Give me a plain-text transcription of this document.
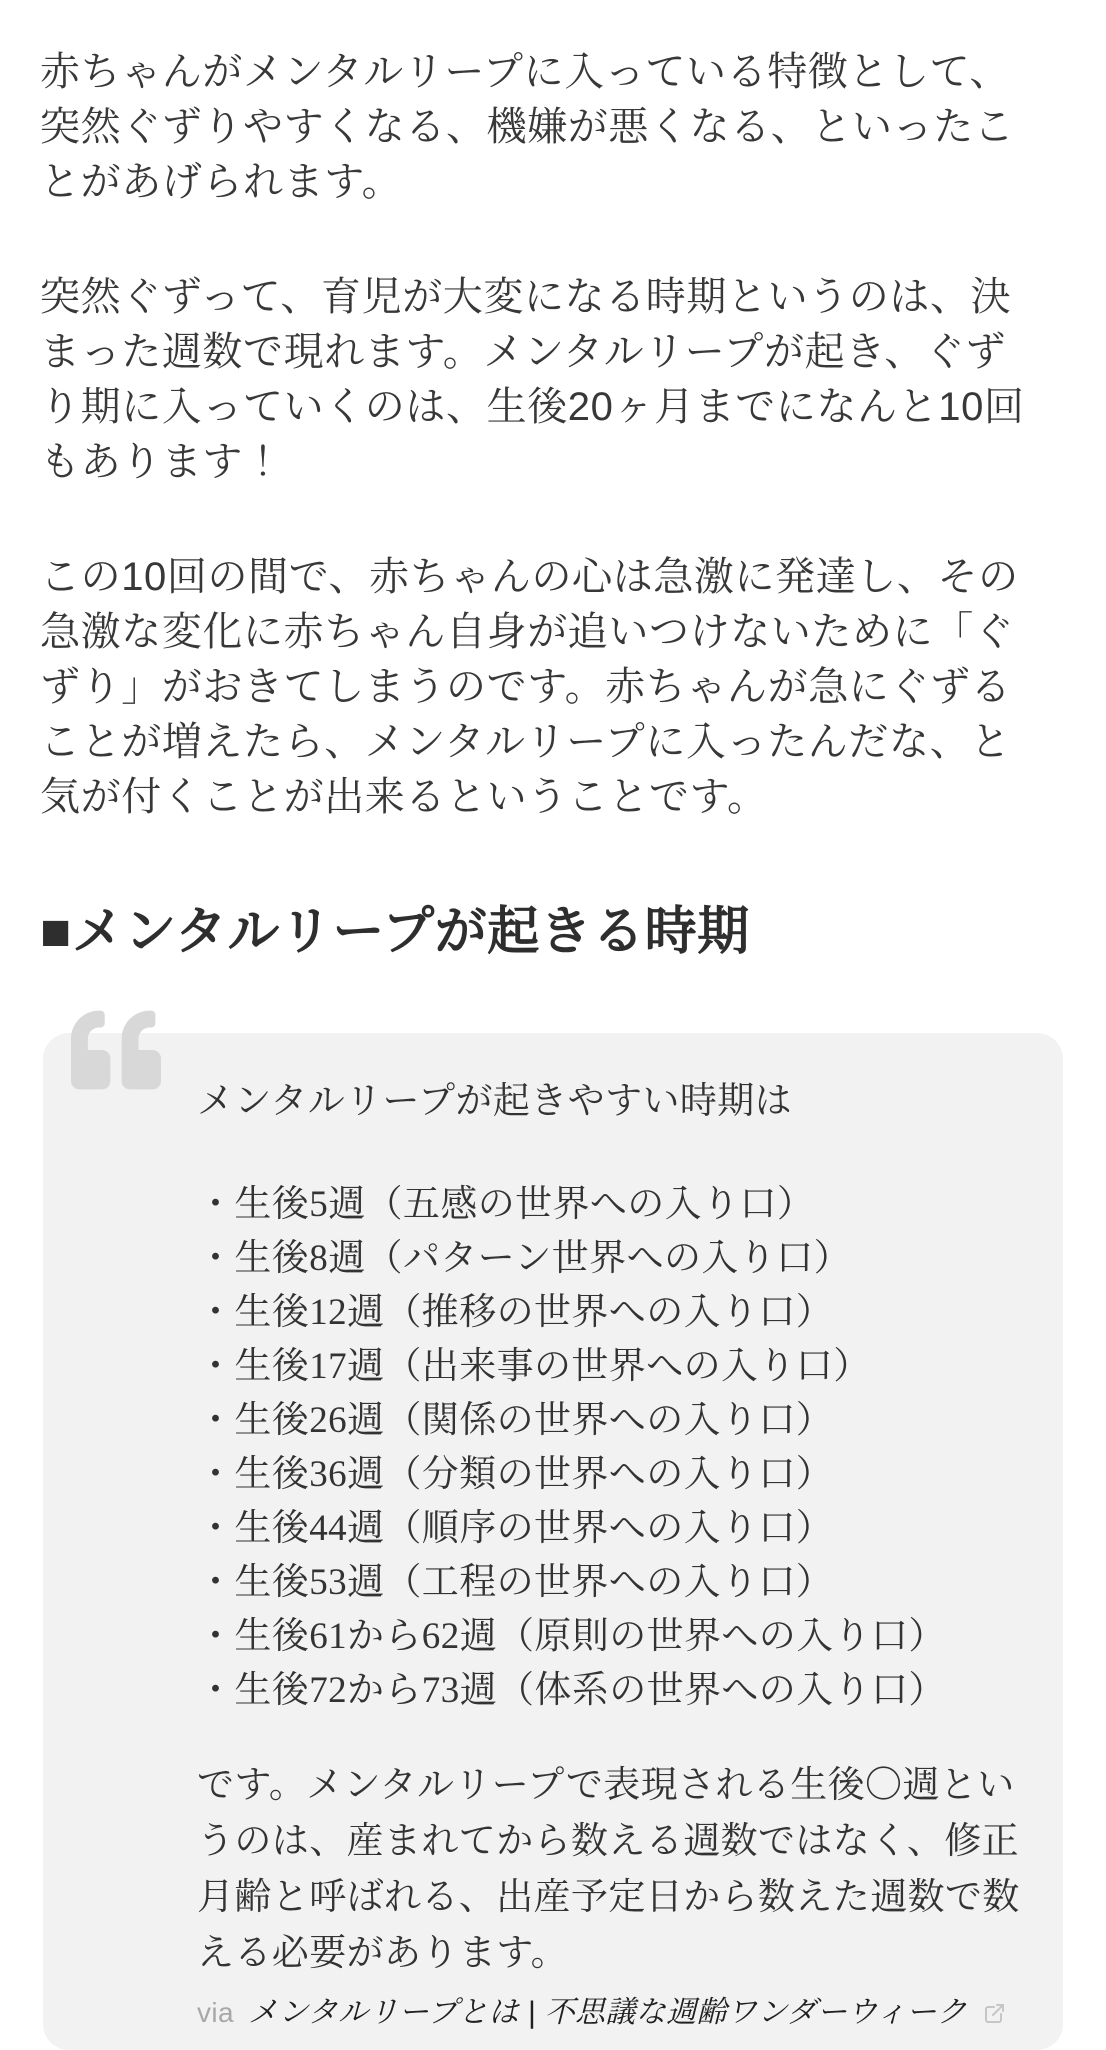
赤ちゃんがメンタルリープに入っている特徴として、突然ぐずりやすくなる、機嫌が悪くなる、といったことがあげられます。

突然ぐずって、育児が大変になる時期というのは、決まった週数で現れます。メンタルリープが起き、ぐずり期に入っていくのは、生後20ヶ月までになんと10回もあります！

この10回の間で、赤ちゃんの心は急激に発達し、その急激な変化に赤ちゃん自身が追いつけないために「ぐずり」がおきてしまうのです。赤ちゃんが急にぐずることが増えたら、メンタルリープに入ったんだな、と気が付くことが出来るということです。

■メンタルリープが起きる時期

メンタルリープが起きやすい時期は

・生後5週（五感の世界への入り口）
・生後8週（パターン世界への入り口）
・生後12週（推移の世界への入り口）
・生後17週（出来事の世界への入り口）
・生後26週（関係の世界への入り口）
・生後36週（分類の世界への入り口）
・生後44週（順序の世界への入り口）
・生後53週（工程の世界への入り口）
・生後61から62週（原則の世界への入り口）
・生後72から73週（体系の世界への入り口）

です。メンタルリープで表現される生後〇週というのは、産まれてから数える週数ではなく、修正月齢と呼ばれる、出産予定日から数えた週数で数える必要があります。

via メンタルリープとは | 不思議な週齢ワンダーウィーク
